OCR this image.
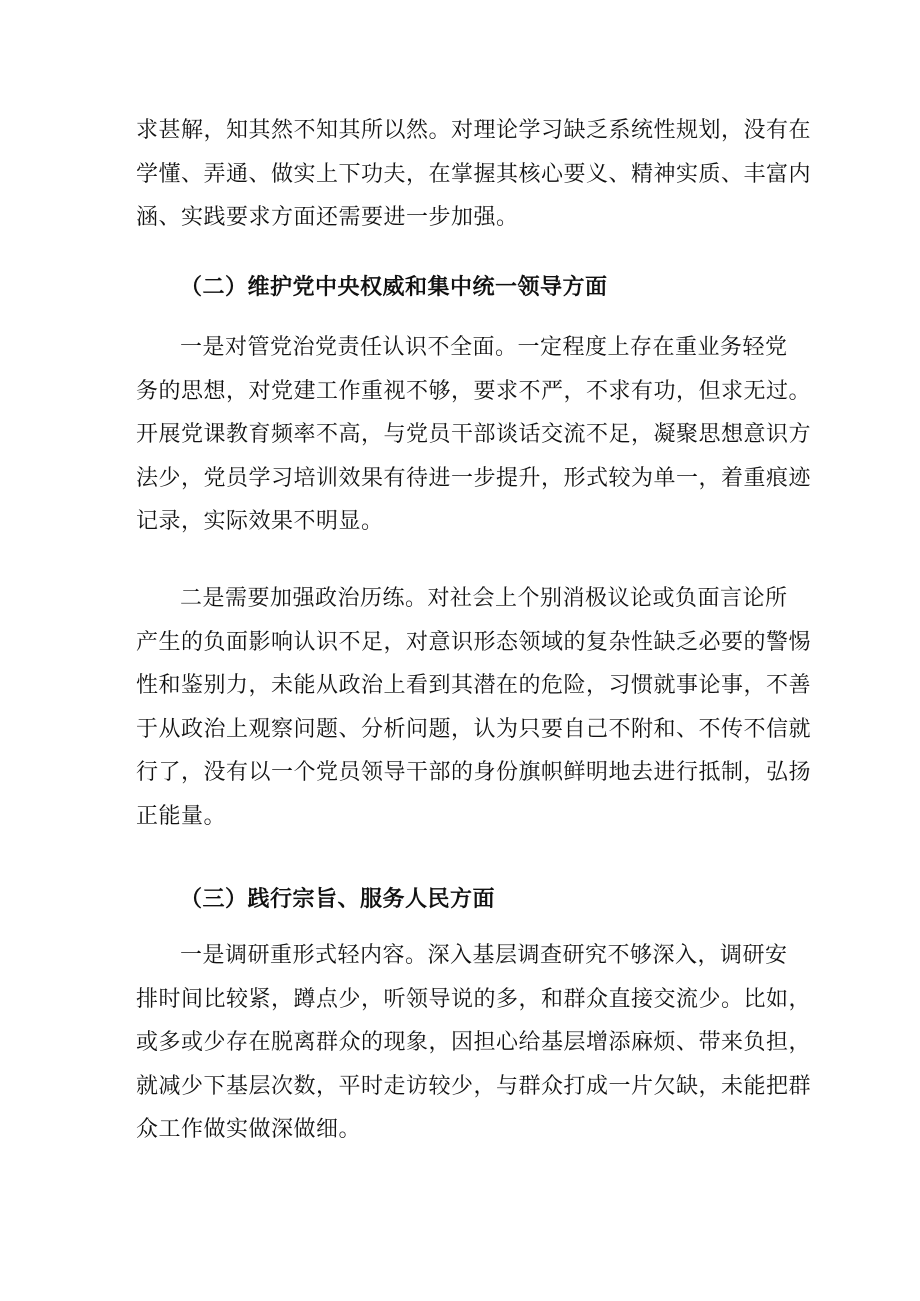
求甚解，知其然不知其所以然。对理论学习缺乏系统性规划，没有在
学懂、弄通、做实上下功夫，在掌握其核心要义、精神实质、丰富内
涵、实践要求方面还需要进一步加强。
（二）维护党中央权威和集中统一领导方面
一是对管党治党责任认识不全面。一定程度上存在重业务轻党
务的思想，对党建工作重视不够，要求不严，不求有功，但求无过。
开展党课教育频率不高，与党员干部谈话交流不足，凝聚思想意识方
法少，党员学习培训效果有待进一步提升，形式较为单一，着重痕迹
记录，实际效果不明显。
二是需要加强政治历练。对社会上个别消极议论或负面言论所
产生的负面影响认识不足，对意识形态领域的复杂性缺乏必要的警惕
性和鉴别力，未能从政治上看到其潜在的危险，习惯就事论事，不善
于从政治上观察问题、分析问题，认为只要自己不附和、不传不信就
行了，没有以一个党员领导干部的身份旗帜鲜明地去进行抵制，弘扬
正能量。
（三）践行宗旨、服务人民方面
一是调研重形式轻内容。深入基层调查研究不够深入，调研安
排时间比较紧，蹲点少，听领导说的多，和群众直接交流少。比如，
或多或少存在脱离群众的现象，因担心给基层增添麻烦、带来负担，
就减少下基层次数，平时走访较少，与群众打成一片欠缺，未能把群
众工作做实做深做细。
